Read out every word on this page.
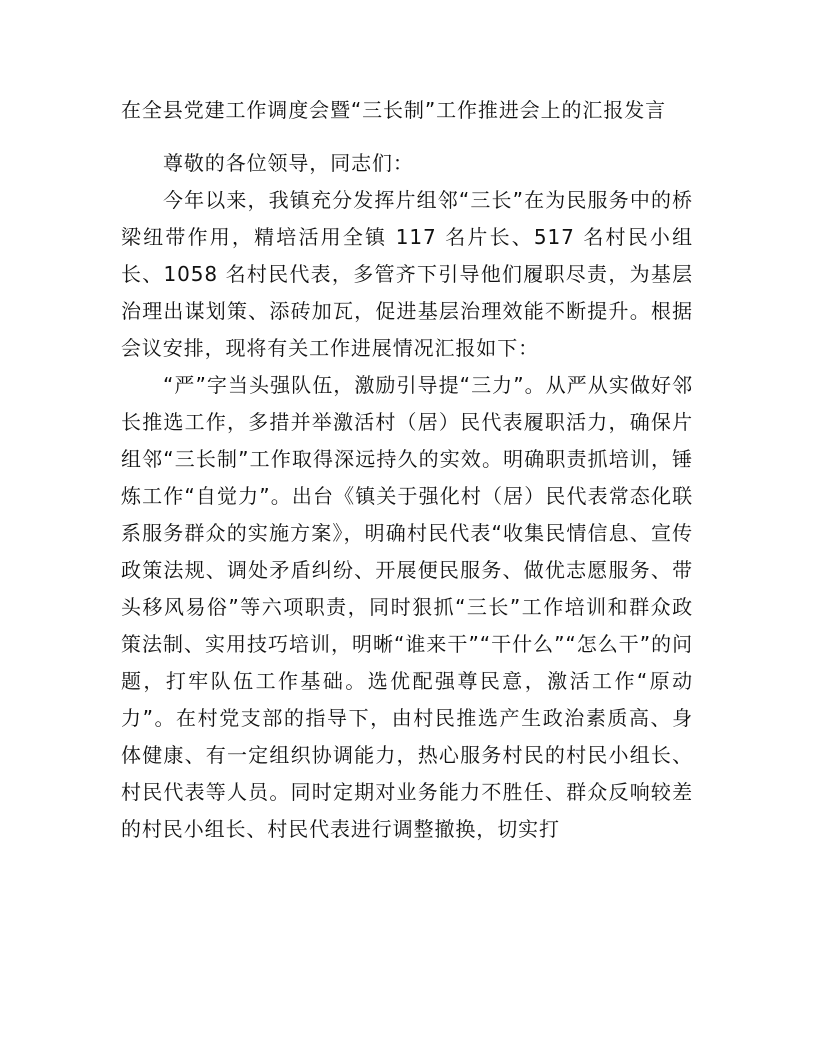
在全县党建工作调度会暨“三长制”工作推进会上的汇报发言

尊敬的各位领导，同志们：

今年以来，我镇充分发挥片组邻“三长”在为民服务中的桥梁纽带作用，精培活用全镇 117 名片长、517 名村民小组长、1058 名村民代表，多管齐下引导他们履职尽责，为基层治理出谋划策、添砖加瓦，促进基层治理效能不断提升。根据会议安排，现将有关工作进展情况汇报如下：

“严”字当头强队伍，激励引导提“三力”。从严从实做好邻长推选工作，多措并举激活村（居）民代表履职活力，确保片组邻“三长制”工作取得深远持久的实效。明确职责抓培训，锤炼工作“自觉力”。出台《镇关于强化村（居）民代表常态化联系服务群众的实施方案》，明确村民代表“收集民情信息、宣传政策法规、调处矛盾纠纷、开展便民服务、做优志愿服务、带头移风易俗”等六项职责，同时狠抓“三长”工作培训和群众政策法制、实用技巧培训，明晰“谁来干”“干什么”“怎么干”的问题，打牢队伍工作基础。选优配强尊民意，激活工作“原动力”。在村党支部的指导下，由村民推选产生政治素质高、身体健康、有一定组织协调能力，热心服务村民的村民小组长、村民代表等人员。同时定期对业务能力不胜任、群众反响较差的村民小组长、村民代表进行调整撤换，切实打
